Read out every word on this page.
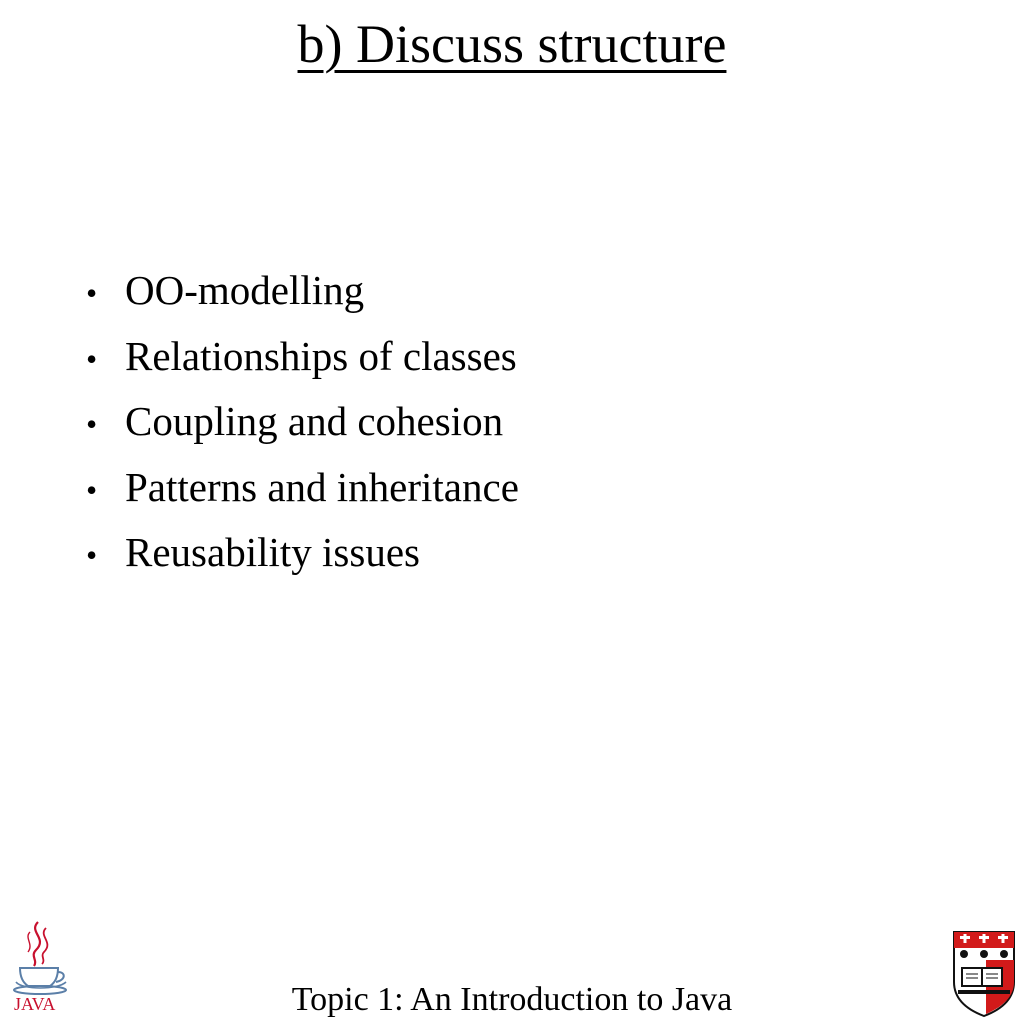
b) Discuss structure
• OO-modelling
• Relationships of classes
• Coupling and cohesion
• Patterns and inheritance
• Reusability issues
JAVA	Topic 1: An Introduction to Java
